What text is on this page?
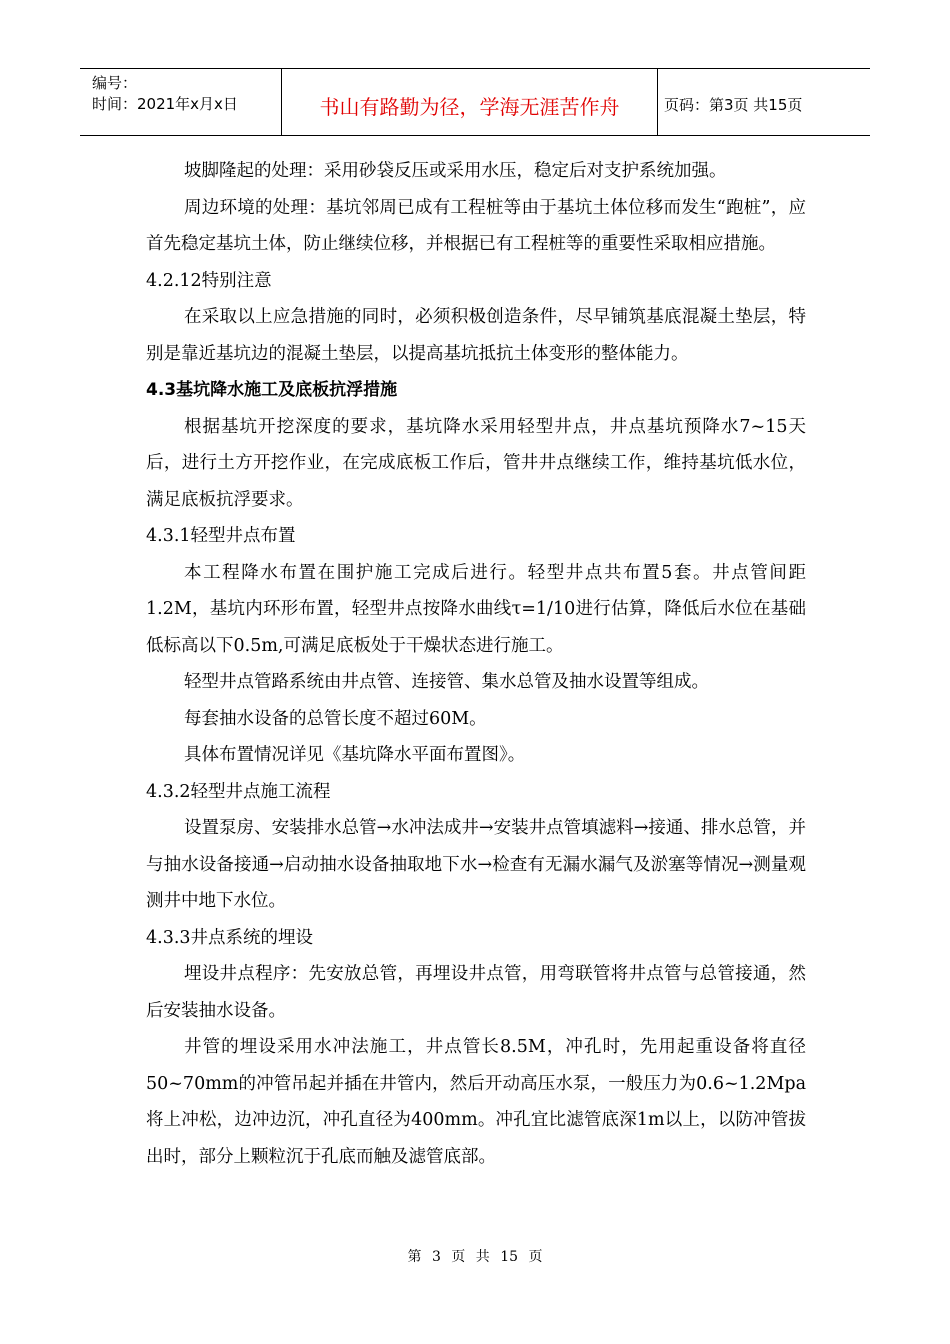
编号：
时间：2021年x月x日	书山有路勤为径，学海无涯苦作舟	页码：第3页 共15页

坡脚隆起的处理：采用砂袋反压或采用水压，稳定后对支护系统加强。

周边环境的处理：基坑邻周已成有工程桩等由于基坑土体位移而发生“跑桩”，应首先稳定基坑土体，防止继续位移，并根据已有工程桩等的重要性采取相应措施。

4.2.12特别注意

在采取以上应急措施的同时，必须积极创造条件，尽早铺筑基底混凝土垫层，特别是靠近基坑边的混凝土垫层，以提高基坑抵抗土体变形的整体能力。

4.3基坑降水施工及底板抗浮措施

根据基坑开挖深度的要求，基坑降水采用轻型井点，井点基坑预降水7~15天后，进行土方开挖作业，在完成底板工作后，管井井点继续工作，维持基坑低水位，满足底板抗浮要求。

4.3.1轻型井点布置

本工程降水布置在围护施工完成后进行。轻型井点共布置5套。井点管间距1.2M，基坑内环形布置，轻型井点按降水曲线τ=1/10进行估算，降低后水位在基础低标高以下0.5m,可满足底板处于干燥状态进行施工。

轻型井点管路系统由井点管、连接管、集水总管及抽水设置等组成。

每套抽水设备的总管长度不超过60M。

具体布置情况详见《基坑降水平面布置图》。

4.3.2轻型井点施工流程

设置泵房、安装排水总管→水冲法成井→安装井点管填滤料→接通、排水总管，并与抽水设备接通→启动抽水设备抽取地下水→检查有无漏水漏气及淤塞等情况→测量观测井中地下水位。

4.3.3井点系统的埋设

埋设井点程序：先安放总管，再埋设井点管，用弯联管将井点管与总管接通，然后安装抽水设备。

井管的埋设采用水冲法施工，井点管长8.5M，冲孔时，先用起重设备将直径50~70mm的冲管吊起并插在井管内，然后开动高压水泵，一般压力为0.6~1.2Mpa将上冲松，边冲边沉，冲孔直径为400mm。冲孔宜比滤管底深1m以上，以防冲管拔出时，部分上颗粒沉于孔底而触及滤管底部。

第 3 页 共 15 页
